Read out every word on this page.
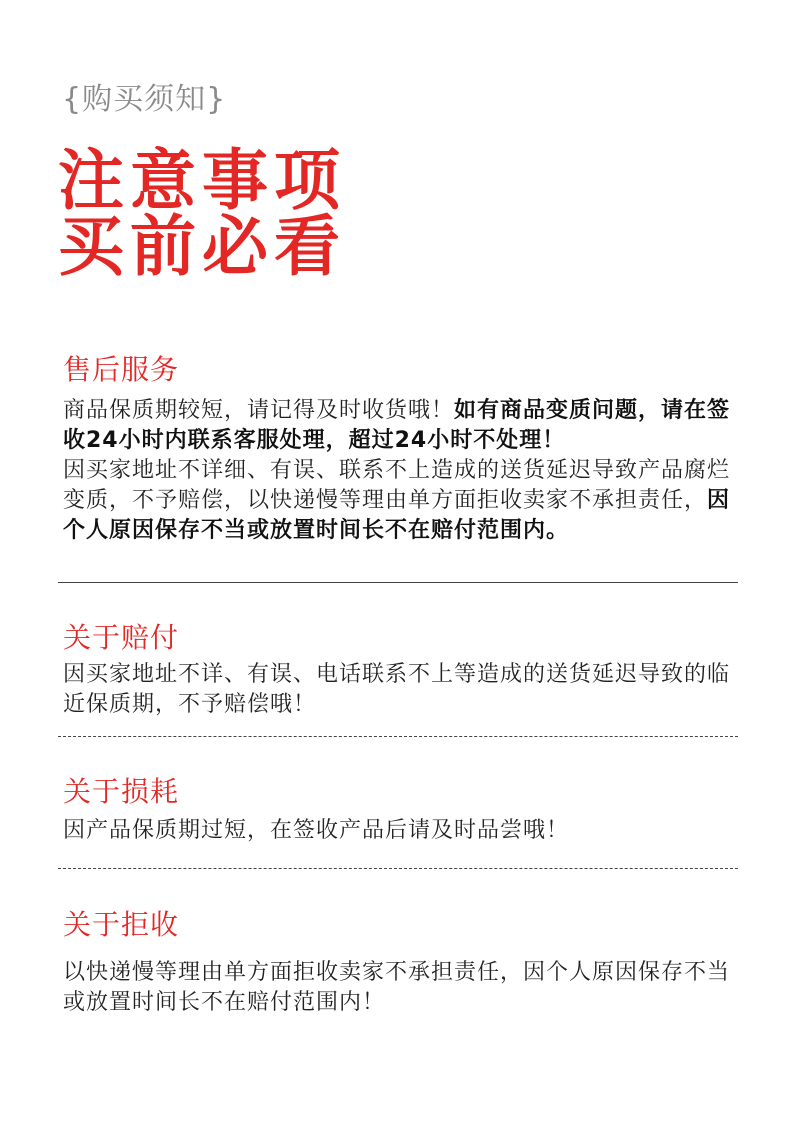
{购买须知}
注意事项
买前必看
售后服务
商品保质期较短，请记得及时收货哦！如有商品变质问题，请在签收24小时内联系客服处理，超过24小时不处理！
因买家地址不详细、有误、联系不上造成的送货延迟导致产品腐烂变质，不予赔偿，以快递慢等理由单方面拒收卖家不承担责任，因个人原因保存不当或放置时间长不在赔付范围内。
关于赔付
因买家地址不详、有误、电话联系不上等造成的送货延迟导致的临近保质期，不予赔偿哦！
关于损耗
因产品保质期过短，在签收产品后请及时品尝哦！
关于拒收
以快递慢等理由单方面拒收卖家不承担责任，因个人原因保存不当或放置时间长不在赔付范围内！
